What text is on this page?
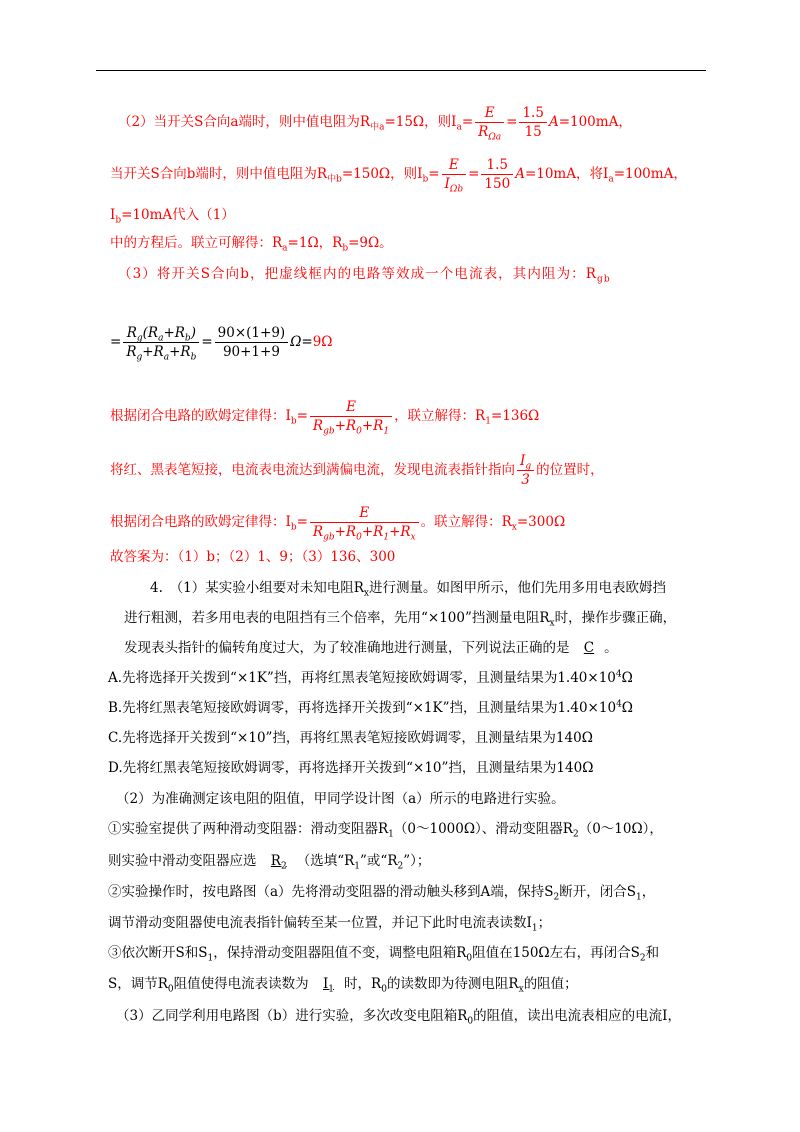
（2）当开关S合向a端时，则中值电阻为$R_{中a}=15\Omega$，则$I_a= \frac{E}{R_{\Omega a}} = \frac{1.5}{15} A=100mA$，
当开关S合向b端时，则中值电阻为$R_{中b}=150\Omega$，则$I_b= \frac{E}{I_{\Omega b}} = \frac{1.5}{150} A=10mA$，将$I_a=100mA$，
$I_b=10mA$代入（1）
中的方程后。联立可解得：$R_a=1\Omega$，$R_b=9\Omega$。
（3）将开关S合向b，把虚线框内的电路等效成一个电流表，其内阻为：$R_{gb}$
= $\frac{R_g(R_a+R_b)}{R_g+R_a+R_b} = \frac{90\times(1+9)}{90+1+9} \Omega=9\Omega$
根据闭合电路的欧姆定律得：$I_b= \frac{E}{R_{gb}+R_0+R_1}$ ，联立解得：$R_1=136\Omega$
将红、黑表笔短接，电流表电流达到满偏电流，发现电流表指针指向 $\frac{I_g}{3}$ 的位置时，
根据闭合电路的欧姆定律得：$I_b= \frac{E}{R_{gb}+R_0+R_1+R_x}$ 。联立解得：$R_x=300\Omega$
故答案为：（1）b；（2）1、9；（3）136、300
4.　（1）某实验小组要对未知电阻$R_x$进行测量。如图甲所示，他们先用多用电表欧姆挡
进行粗测，若多用电表的电阻挡有三个倍率，先用“×100”挡测量电阻$R_x$时，操作步骤正确，
发现表头指针的偏转角度过大，为了较准确地进行测量，下列说法正确的是 C 。
A.先将选择开关拨到“×1K”挡，再将红黑表笔短接欧姆调零，且测量结果为$1.40\times 10^4\Omega$
B.先将红黑表笔短接欧姆调零，再将选择开关拨到“×1K”挡，且测量结果为$1.40\times 10^4\Omega$
C.先将选择开关拨到“×10”挡，再将红黑表笔短接欧姆调零，且测量结果为140Ω
D.先将红黑表笔短接欧姆调零，再将选择开关拨到“×10”挡，且测量结果为140Ω
（2）为准确测定该电阻的阻值，甲同学设计图（a）所示的电路进行实验。
①实验室提供了两种滑动变阻器：滑动变阻器$R_1(0\sim 1000\Omega)$、滑动变阻器$R_2(0\sim 10\Omega)$，
则实验中滑动变阻器应选 $R_2$ （选填“$R_1$”或“$R_2$”）；
②实验操作时，按电路图（a）先将滑动变阻器的滑动触头移到A端，保持$S_2$断开，闭合$S_1$，
调节滑动变阻器使电流表指针偏转至某一位置，并记下此时电流表读数$I_1$；
③依次断开S和$S_1$，保持滑动变阻器阻值不变，调整电阻箱$R_0$阻值在150Ω左右，再闭合$S_2$和
S，调节$R_0$阻值使得电流表读数为 $I_1$ 时，$R_0$的读数即为待测电阻$R_x$的阻值；
（3）乙同学利用电路图（b）进行实验，多次改变电阻箱$R_0$的阻值，读出电流表相应的电流I，
